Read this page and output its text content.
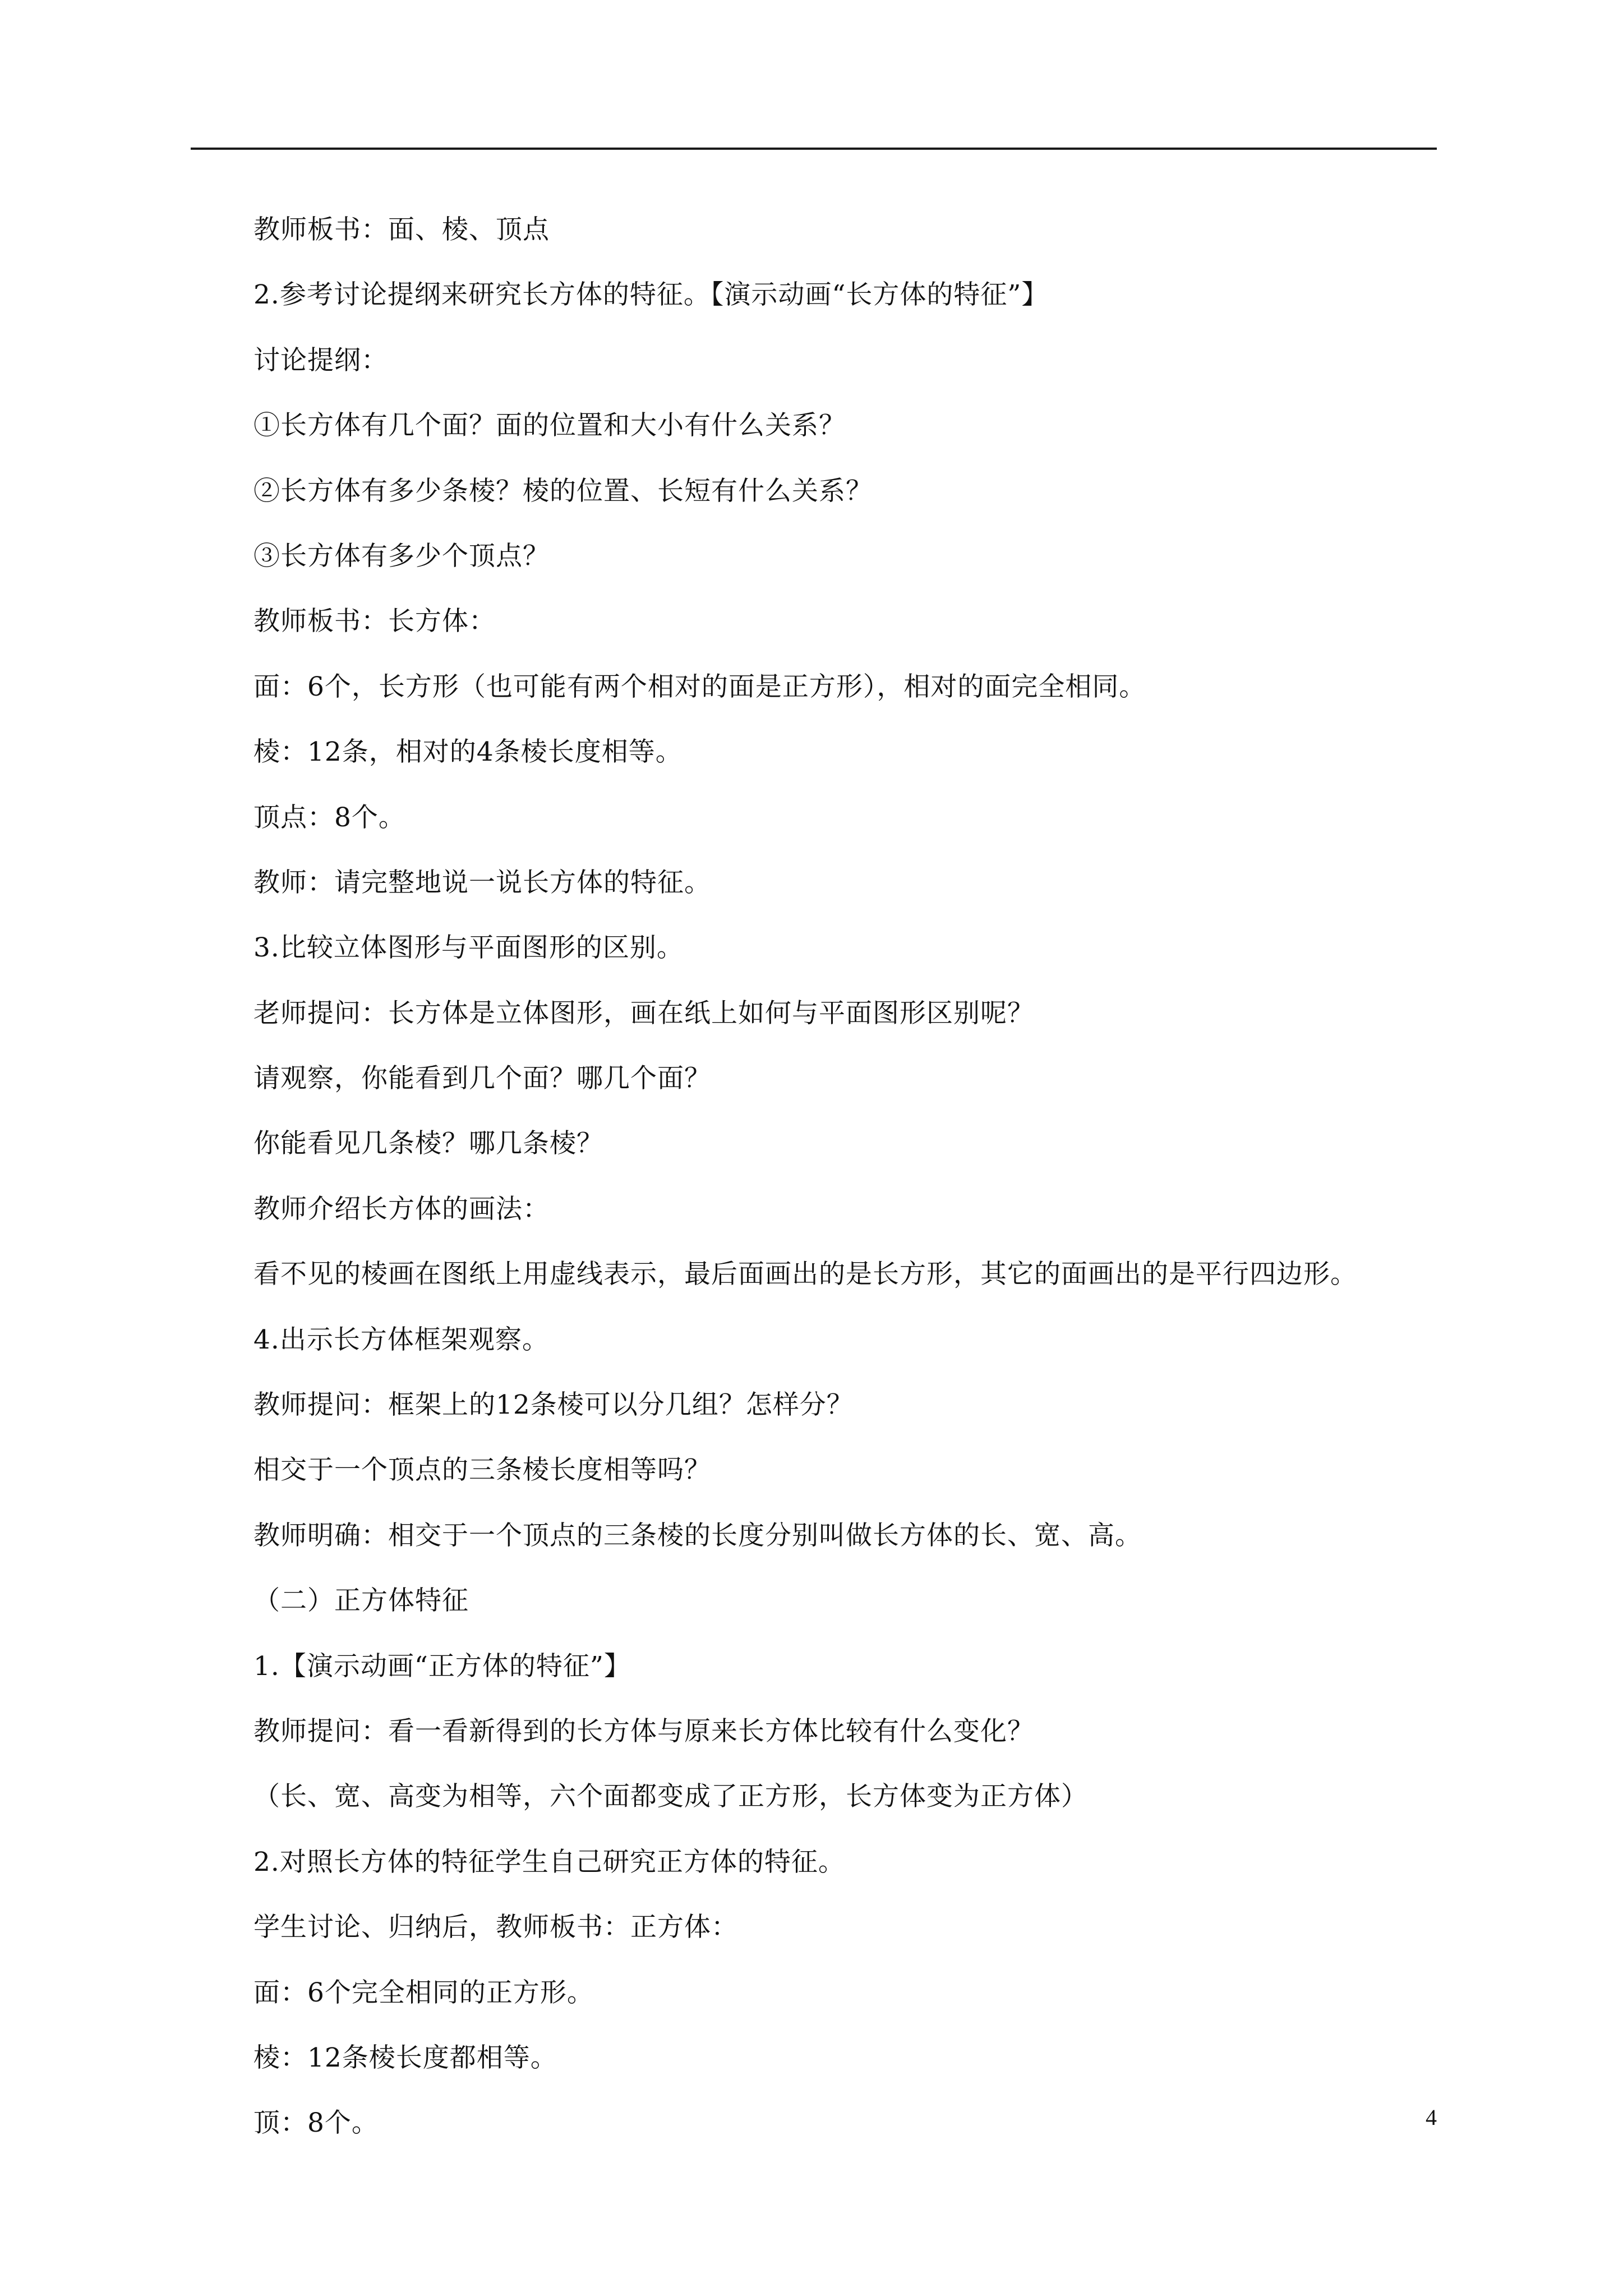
教师板书：面、棱、顶点
2.​参考讨论提纲来研究长方体的特征。【演示动画“长方体的特征”】
讨论提纲：
①长方体有几个面？面的位置和大小有什么关系？
②长方体有多少条棱？棱的位置、长短有什么关系？
③长方体有多少个顶点？
教师板书：长方体：
面：6​个，长方形（也可能有两个相对的面是正方形），相对的面完全相同。
棱：12​条，相对的​4​条棱长度相等。
顶点：8​个。
教师：请完整地说一说长方体的特征。
3.​比较立体图形与平面图形的区别。
老师提问：长方体是立体图形，画在纸上如何与平面图形区别呢？
请观察，你能看到几个面？哪几个面？
你能看见几条棱？哪几条棱？
教师介绍长方体的画法：
看不见的棱画在图纸上用虚线表示，最后面画出的是长方形，其它的面画出的是平行四边形。
4.​出示长方体框架观察。
教师提问：框架上的​12​条棱可以分几组？怎样分？
相交于一个顶点的三条棱长度相等吗？
教师明确：相交于一个顶点的三条棱的长度分别叫做长方体的长、宽、高。
（二）正方体特征
1.​【演示动画“正方体的特征”】
教师提问：看一看新得到的长方体与原来长方体比较有什么变化？
（长、宽、高变为相等，六个面都变成了正方形，长方体变为正方体）
2.​对照长方体的特征学生自己研究正方体的特征。
学生讨论、归纳后，教师板书：正方体：
面：6​个完全相同的正方形。
棱：12​条棱长度都相等。
顶：8​个。	4
